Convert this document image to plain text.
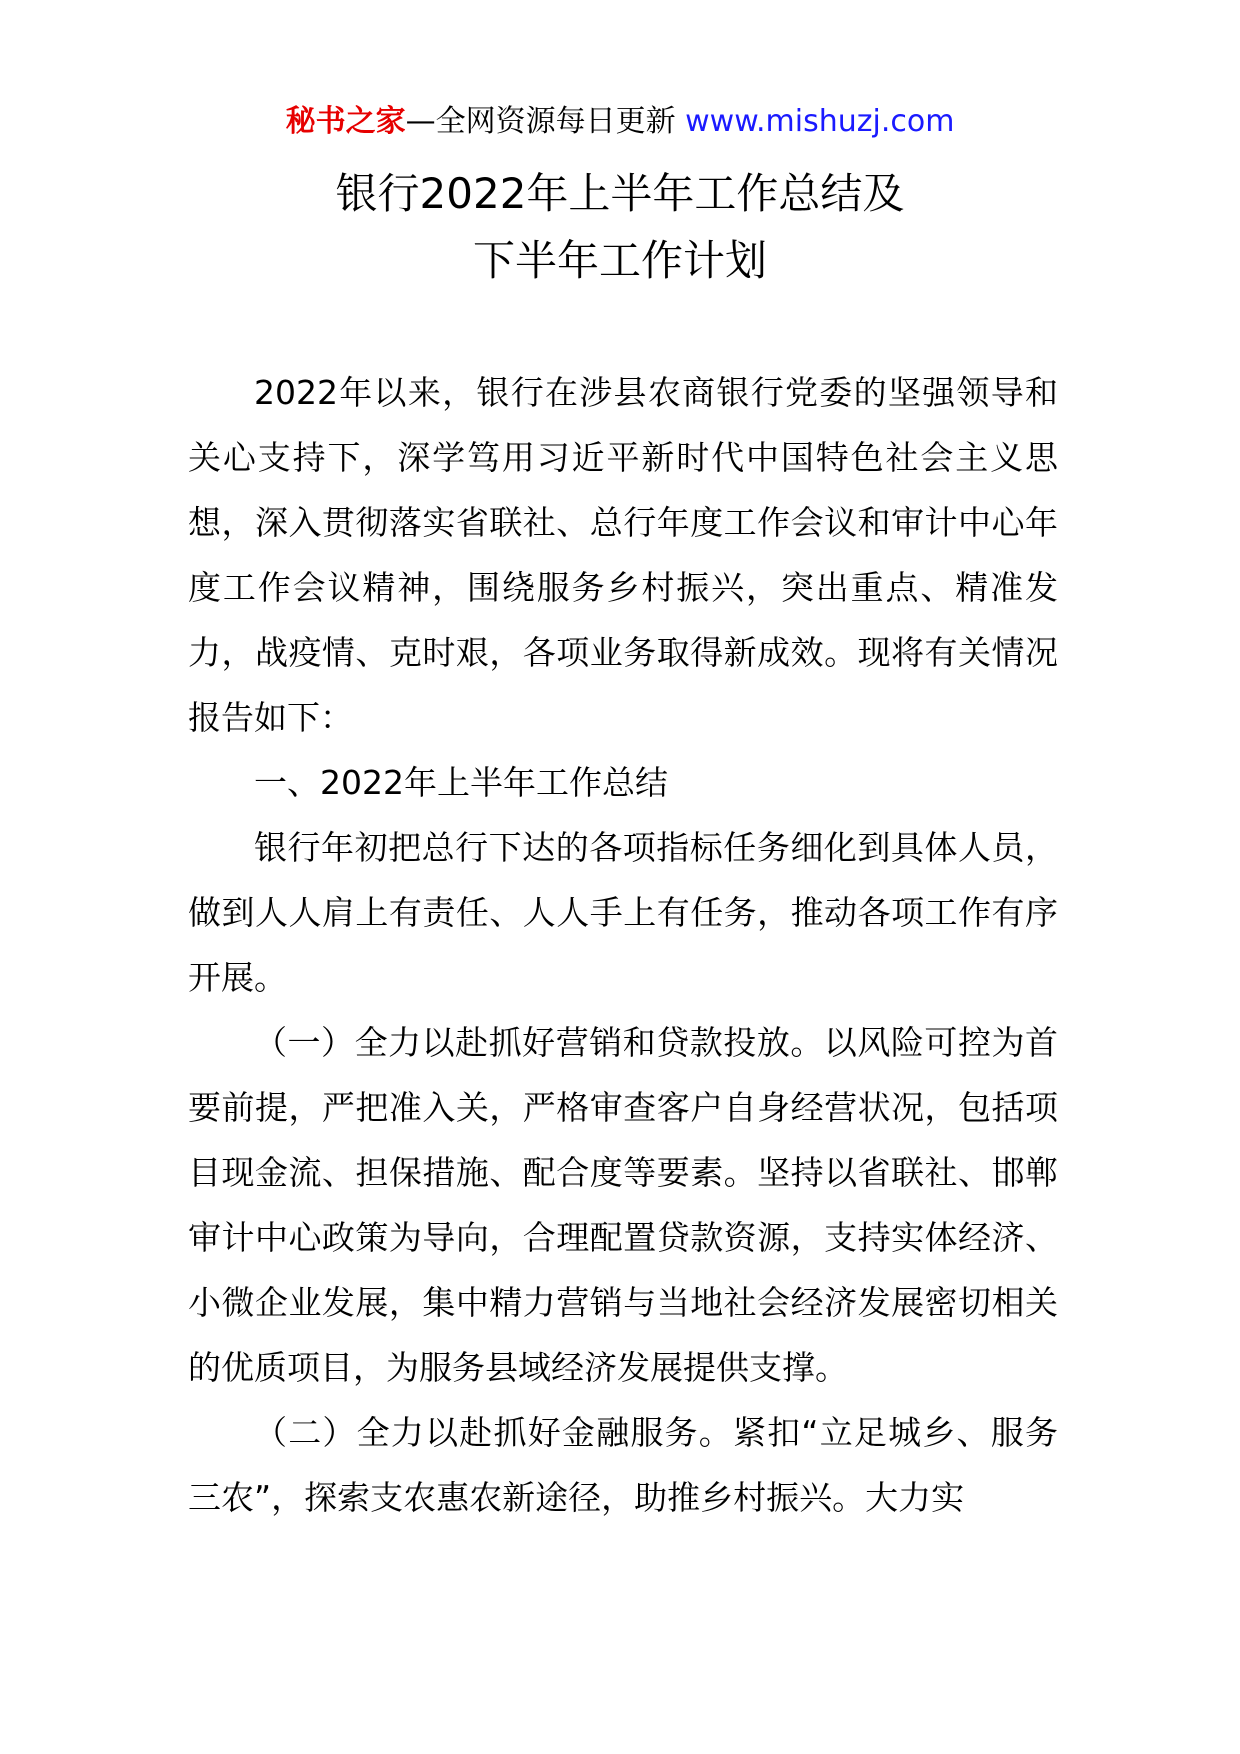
秘书之家—全网资源每日更新 www.mishuzj.com
银行2022年上半年工作总结及
下半年工作计划

2022年以来，银行在涉县农商银行党委的坚强领导和关心支持下，深学笃用习近平新时代中国特色社会主义思想，深入贯彻落实省联社、总行年度工作会议和审计中心年度工作会议精神，围绕服务乡村振兴，突出重点、精准发力，战疫情、克时艰，各项业务取得新成效。现将有关情况报告如下：

一、2022年上半年工作总结

银行年初把总行下达的各项指标任务细化到具体人员，做到人人肩上有责任、人人手上有任务，推动各项工作有序开展。

（一）全力以赴抓好营销和贷款投放。以风险可控为首要前提，严把准入关，严格审查客户自身经营状况，包括项目现金流、担保措施、配合度等要素。坚持以省联社、邯郸审计中心政策为导向，合理配置贷款资源，支持实体经济、小微企业发展，集中精力营销与当地社会经济发展密切相关的优质项目，为服务县域经济发展提供支撑。

（二）全力以赴抓好金融服务。紧扣“立足城乡、服务三农”，探索支农惠农新途径，助推乡村振兴。大力实
